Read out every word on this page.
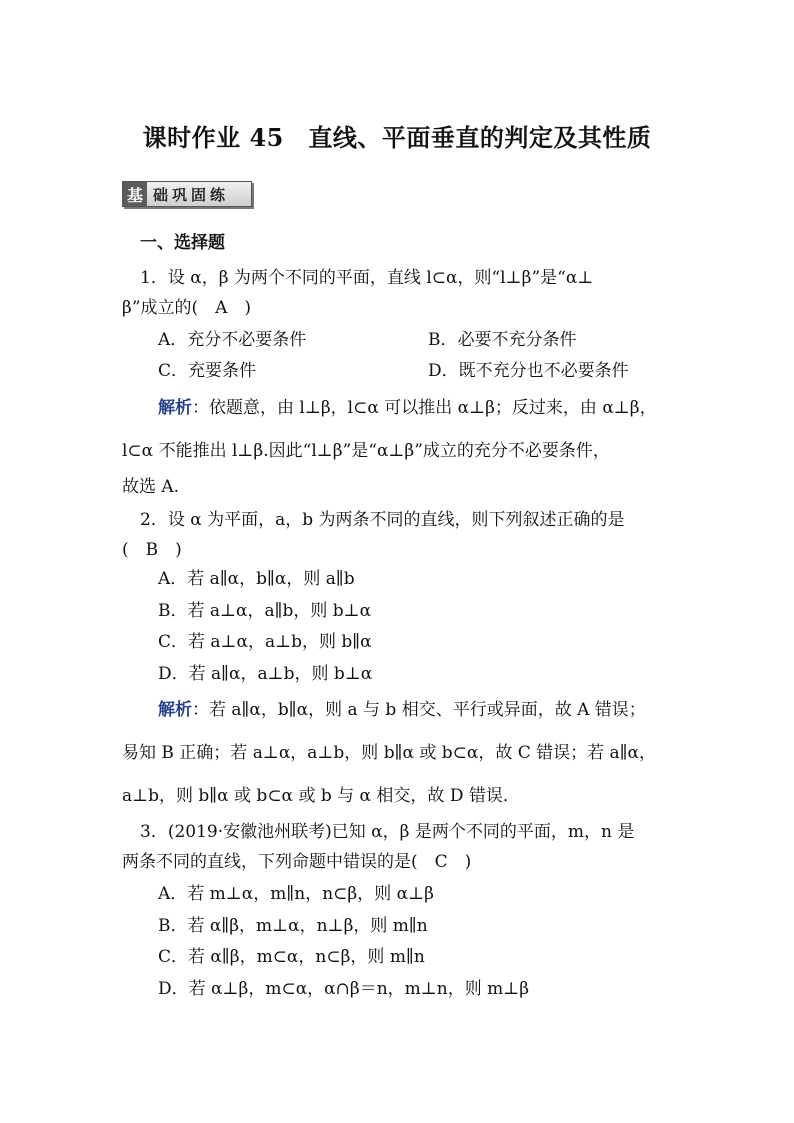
课时作业 45　直线、平面垂直的判定及其性质
基 础巩固练
一、选择题
1．设 α，β 为两个不同的平面，直线 l⊂α，则“l⊥β”是“α⊥
β”成立的(　A　)
A．充分不必要条件	B．必要不充分条件
C．充要条件	D．既不充分也不必要条件
解析：依题意，由 l⊥β，l⊂α 可以推出 α⊥β；反过来，由 α⊥β，
l⊂α 不能推出 l⊥β.因此“l⊥β”是“α⊥β”成立的充分不必要条件，
故选 A.
2．设 α 为平面，a，b 为两条不同的直线，则下列叙述正确的是
(　B　)
A．若 a∥α，b∥α，则 a∥b
B．若 a⊥α，a∥b，则 b⊥α
C．若 a⊥α，a⊥b，则 b∥α
D．若 a∥α，a⊥b，则 b⊥α
解析：若 a∥α，b∥α，则 a 与 b 相交、平行或异面，故 A 错误；
易知 B 正确；若 a⊥α，a⊥b，则 b∥α 或 b⊂α，故 C 错误；若 a∥α，
a⊥b，则 b∥α 或 b⊂α 或 b 与 α 相交，故 D 错误．
3．(2019·安徽池州联考)已知 α，β 是两个不同的平面，m，n 是
两条不同的直线，下列命题中错误的是(　C　)
A．若 m⊥α，m∥n，n⊂β，则 α⊥β
B．若 α∥β，m⊥α，n⊥β，则 m∥n
C．若 α∥β，m⊂α，n⊂β，则 m∥n
D．若 α⊥β，m⊂α，α∩β＝n，m⊥n，则 m⊥β
